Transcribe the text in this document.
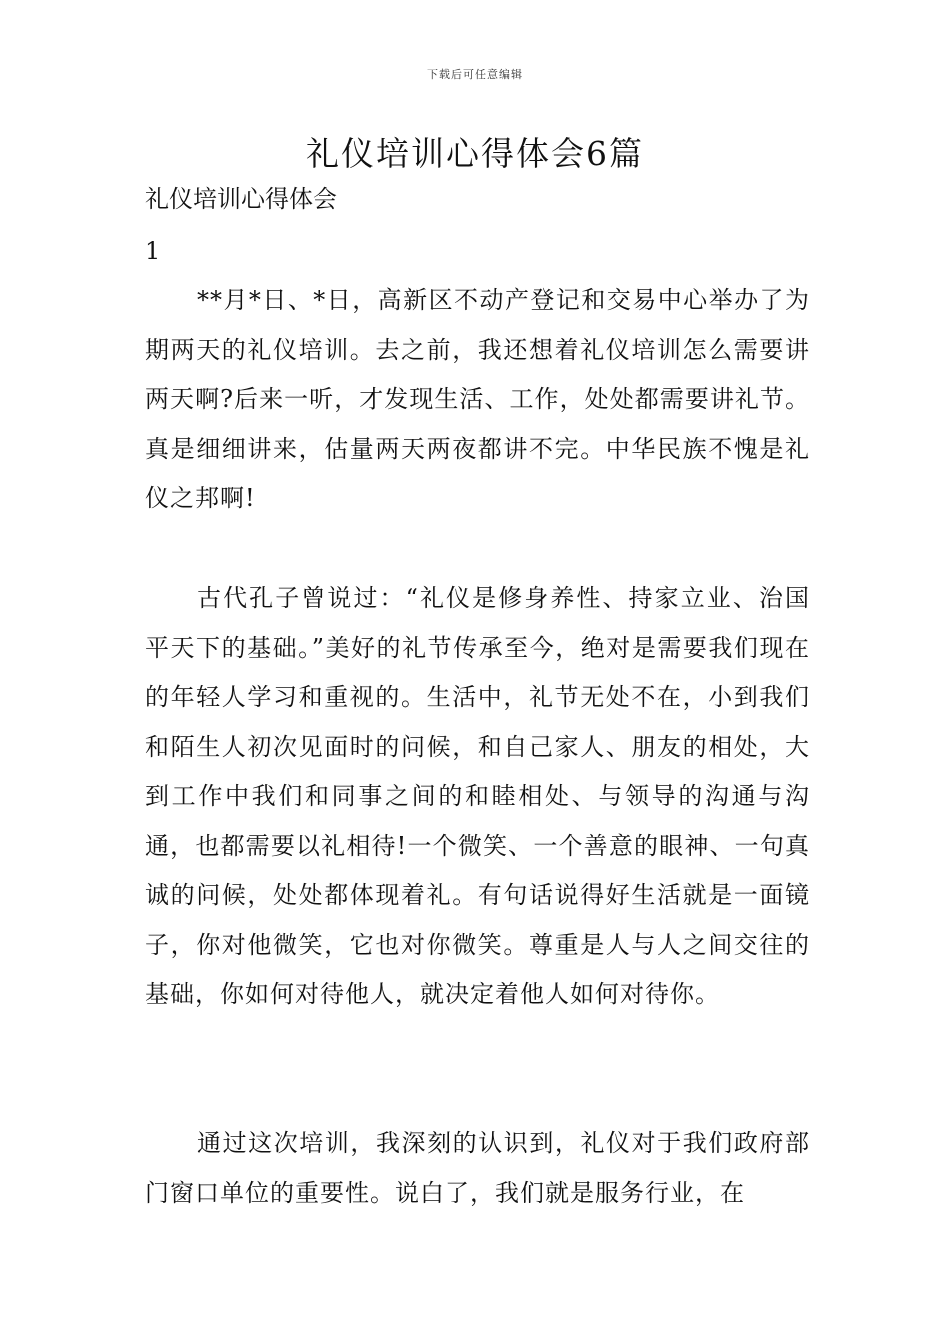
下载后可任意编辑
礼仪培训心得体会6篇
礼仪培训心得体会
1

**月*日、*日，高新区不动产登记和交易中心举办了为期两天的礼仪培训。去之前，我还想着礼仪培训怎么需要讲两天啊?后来一听，才发现生活、工作，处处都需要讲礼节。真是细细讲来，估量两天两夜都讲不完。中华民族不愧是礼仪之邦啊!

古代孔子曾说过：“礼仪是修身养性、持家立业、治国平天下的基础。”美好的礼节传承至今，绝对是需要我们现在的年轻人学习和重视的。生活中，礼节无处不在，小到我们和陌生人初次见面时的问候，和自己家人、朋友的相处，大到工作中我们和同事之间的和睦相处、与领导的沟通与沟通，也都需要以礼相待!一个微笑、一个善意的眼神、一句真诚的问候，处处都体现着礼。有句话说得好生活就是一面镜子，你对他微笑，它也对你微笑。尊重是人与人之间交往的基础，你如何对待他人，就决定着他人如何对待你。

通过这次培训，我深刻的认识到，礼仪对于我们政府部门窗口单位的重要性。说白了，我们就是服务行业，在
